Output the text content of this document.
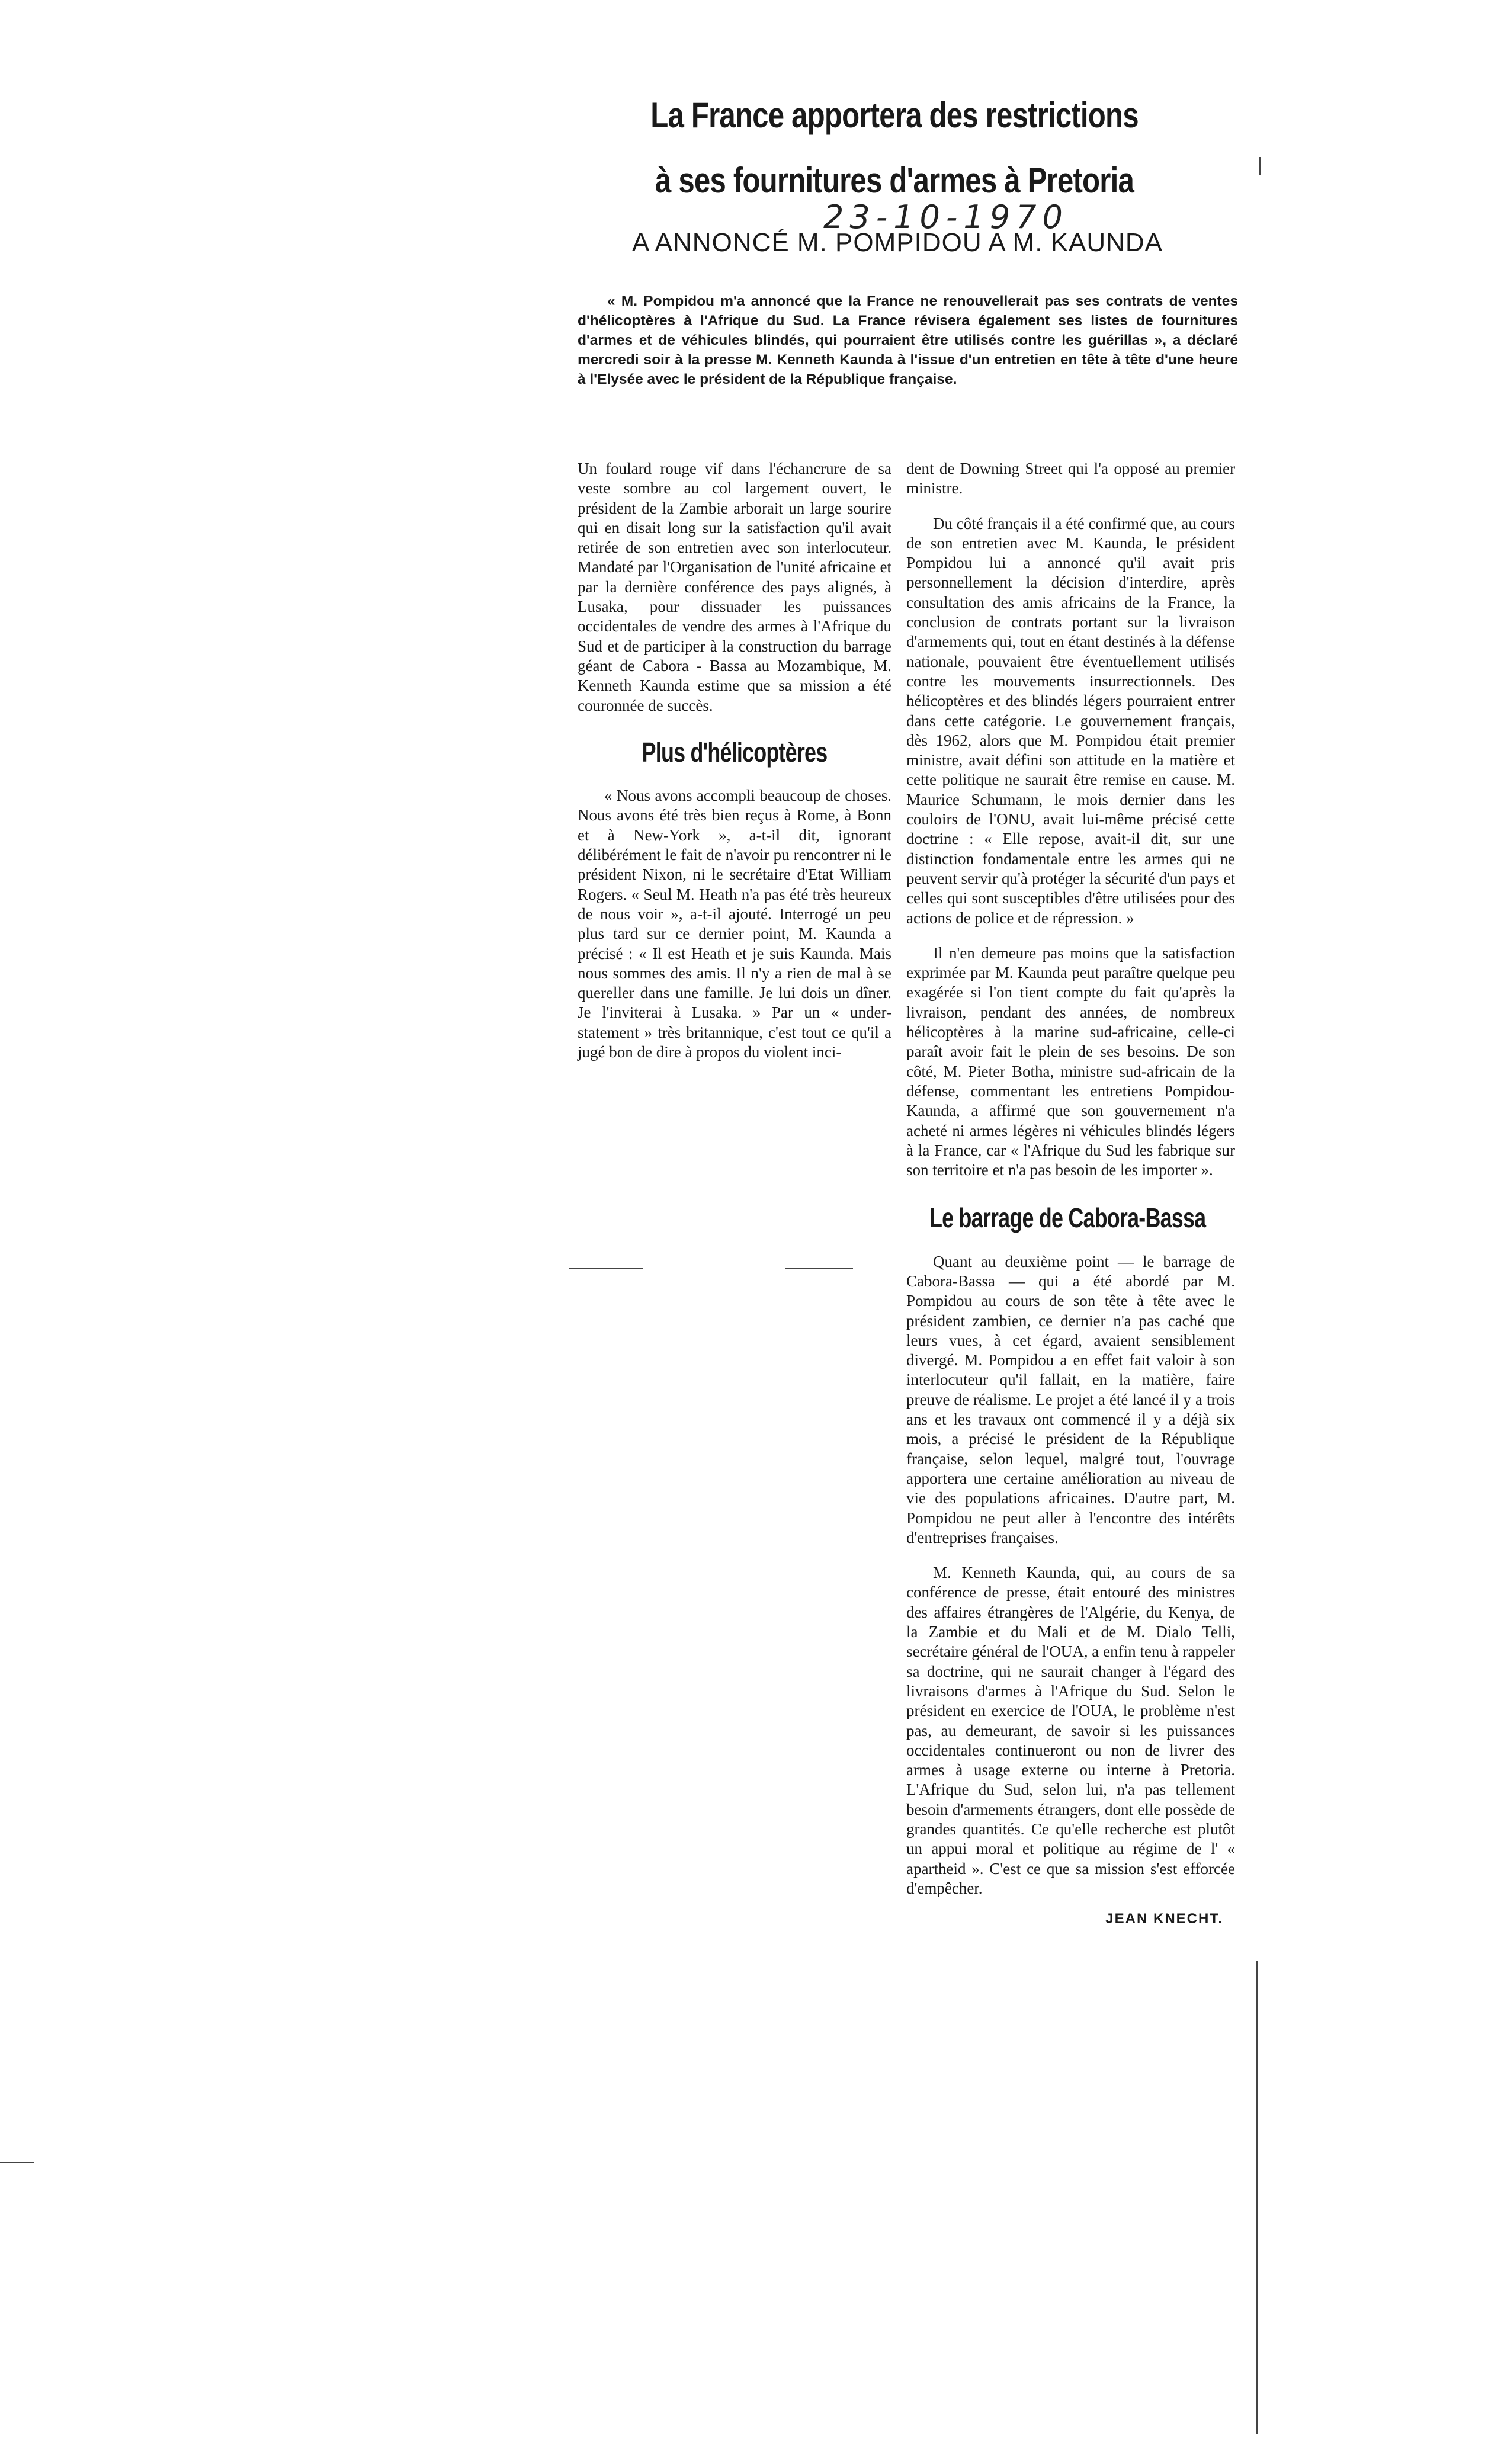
La France apportera des restrictions
à ses fournitures d'armes à Pretoria
23-10-1970
A ANNONCÉ M. POMPIDOU A M. KAUNDA

« M. Pompidou m'a annoncé que la France ne renouvellerait pas ses contrats de ventes d'hélicoptères à l'Afrique du Sud. La France révisera également ses listes de fournitures d'armes et de véhicules blindés, qui pourraient être utilisés contre les guérillas », a déclaré mercredi soir à la presse M. Kenneth Kaunda à l'issue d'un entretien en tête à tête d'une heure à l'Elysée avec le président de la République française.

Un foulard rouge vif dans l'échancrure de sa veste sombre au col largement ouvert, le président de la Zambie arborait un large sourire qui en disait long sur la satisfaction qu'il avait retirée de son entretien avec son interlocuteur. Mandaté par l'Organisation de l'unité africaine et par la dernière conférence des pays alignés, à Lusaka, pour dissuader les puissances occidentales de vendre des armes à l'Afrique du Sud et de participer à la construction du barrage géant de Cabora - Bassa au Mozambique, M. Kenneth Kaunda estime que sa mission a été couronnée de succès.

Plus d'hélicoptères

« Nous avons accompli beaucoup de choses. Nous avons été très bien reçus à Rome, à Bonn et à New-York », a-t-il dit, ignorant délibérément le fait de n'avoir pu rencontrer ni le président Nixon, ni le secrétaire d'Etat William Rogers. « Seul M. Heath n'a pas été très heureux de nous voir », a-t-il ajouté. Interrogé un peu plus tard sur ce dernier point, M. Kaunda a précisé : « Il est Heath et je suis Kaunda. Mais nous sommes des amis. Il n'y a rien de mal à se quereller dans une famille. Je lui dois un dîner. Je l'inviterai à Lusaka. » Par un « under-statement » très britannique, c'est tout ce qu'il a jugé bon de dire à propos du violent inci-

dent de Downing Street qui l'a opposé au premier ministre.

Du côté français il a été confirmé que, au cours de son entretien avec M. Kaunda, le président Pompidou lui a annoncé qu'il avait pris personnellement la décision d'interdire, après consultation des amis africains de la France, la conclusion de contrats portant sur la livraison d'armements qui, tout en étant destinés à la défense nationale, pouvaient être éventuellement utilisés contre les mouvements insurrectionnels. Des hélicoptères et des blindés légers pourraient entrer dans cette catégorie. Le gouvernement français, dès 1962, alors que M. Pompidou était premier ministre, avait défini son attitude en la matière et cette politique ne saurait être remise en cause. M. Maurice Schumann, le mois dernier dans les couloirs de l'ONU, avait lui-même précisé cette doctrine : « Elle repose, avait-il dit, sur une distinction fondamentale entre les armes qui ne peuvent servir qu'à protéger la sécurité d'un pays et celles qui sont susceptibles d'être utilisées pour des actions de police et de répression. »

Il n'en demeure pas moins que la satisfaction exprimée par M. Kaunda peut paraître quelque peu exagérée si l'on tient compte du fait qu'après la livraison, pendant des années, de nombreux hélicoptères à la marine sud-africaine, celle-ci paraît avoir fait le plein de ses besoins. De son côté, M. Pieter Botha, ministre sud-africain de la défense, commentant les entretiens Pompidou-Kaunda, a affirmé que son gouvernement n'a acheté ni armes légères ni véhicules blindés légers à la France, car « l'Afrique du Sud les fabrique sur son territoire et n'a pas besoin de les importer ».

Le barrage de Cabora-Bassa

Quant au deuxième point — le barrage de Cabora-Bassa — qui a été abordé par M. Pompidou au cours de son tête à tête avec le président zambien, ce dernier n'a pas caché que leurs vues, à cet égard, avaient sensiblement divergé. M. Pompidou a en effet fait valoir à son interlocuteur qu'il fallait, en la matière, faire preuve de réalisme. Le projet a été lancé il y a trois ans et les travaux ont commencé il y a déjà six mois, a précisé le président de la République française, selon lequel, malgré tout, l'ouvrage apportera une certaine amélioration au niveau de vie des populations africaines. D'autre part, M. Pompidou ne peut aller à l'encontre des intérêts d'entreprises françaises.

M. Kenneth Kaunda, qui, au cours de sa conférence de presse, était entouré des ministres des affaires étrangères de l'Algérie, du Kenya, de la Zambie et du Mali et de M. Dialo Telli, secrétaire général de l'OUA, a enfin tenu à rappeler sa doctrine, qui ne saurait changer à l'égard des livraisons d'armes à l'Afrique du Sud. Selon le président en exercice de l'OUA, le problème n'est pas, au demeurant, de savoir si les puissances occidentales continueront ou non de livrer des armes à usage externe ou interne à Pretoria. L'Afrique du Sud, selon lui, n'a pas tellement besoin d'armements étrangers, dont elle possède de grandes quantités. Ce qu'elle recherche est plutôt un appui moral et politique au régime de l' « apartheid ». C'est ce que sa mission s'est efforcée d'empêcher.

JEAN KNECHT.
